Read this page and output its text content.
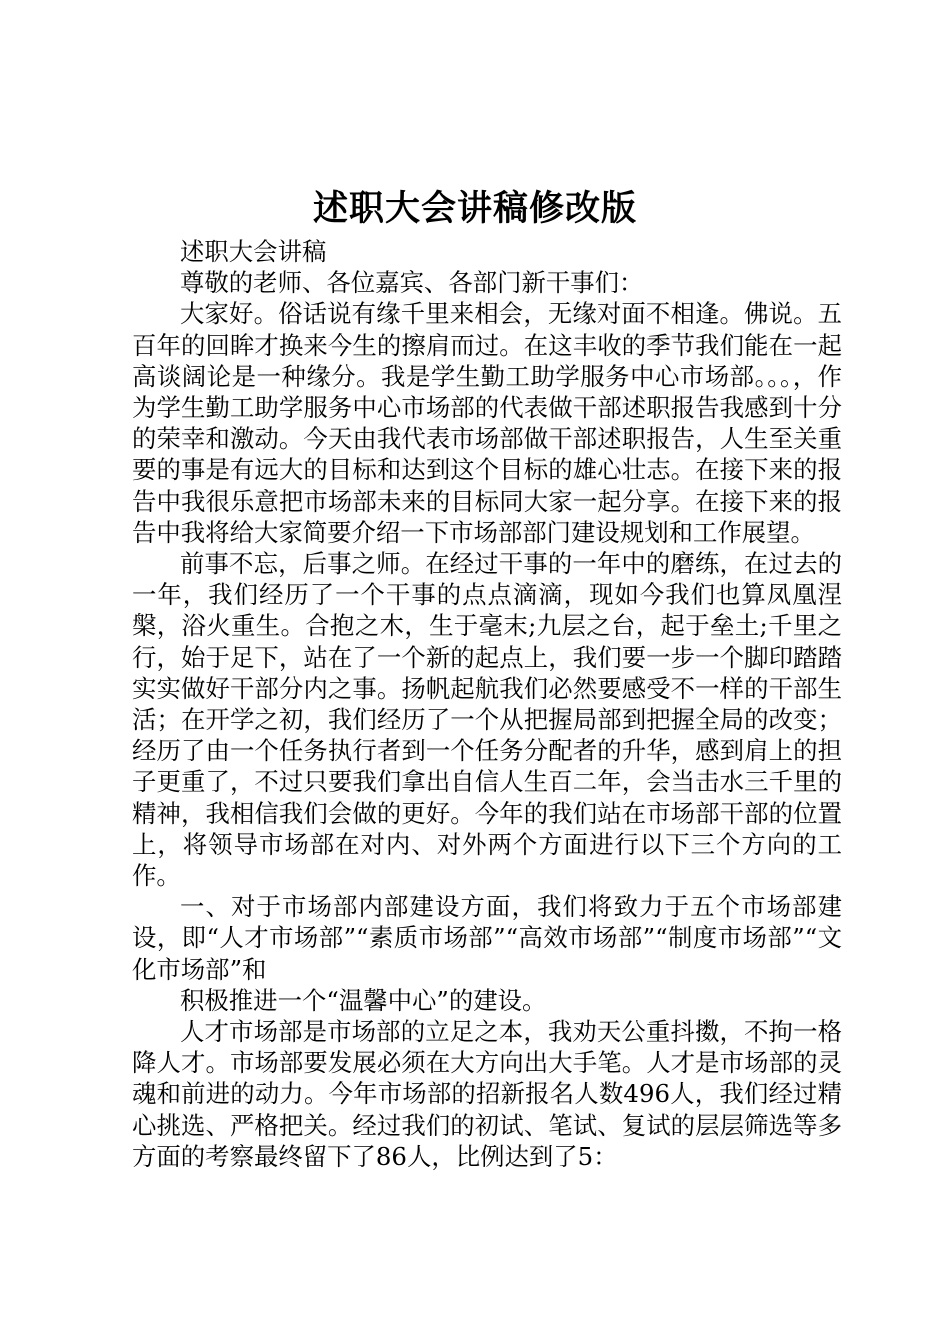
述职大会讲稿修改版

述职大会讲稿

尊敬的老师、各位嘉宾、各部门新干事们：

大家好。俗话说有缘千里来相会，无缘对面不相逢。佛说。五百年的回眸才换来今生的擦肩而过。在这丰收的季节我们能在一起高谈阔论是一种缘分。我是学生勤工助学服务中心市场部。。。，作为学生勤工助学服务中心市场部的代表做干部述职报告我感到十分的荣幸和激动。今天由我代表市场部做干部述职报告，人生至关重要的事是有远大的目标和达到这个目标的雄心壮志。在接下来的报告中我很乐意把市场部未来的目标同大家一起分享。在接下来的报告中我将给大家简要介绍一下市场部部门建设规划和工作展望。

前事不忘，后事之师。在经过干事的一年中的磨练，在过去的一年，我们经历了一个干事的点点滴滴，现如今我们也算凤凰涅槃，浴火重生。合抱之木，生于毫末;九层之台，起于垒土;千里之行，始于足下，站在了一个新的起点上，我们要一步一个脚印踏踏实实做好干部分内之事。扬帆起航我们必然要感受不一样的干部生活；在开学之初，我们经历了一个从把握局部到把握全局的改变；经历了由一个任务执行者到一个任务分配者的升华，感到肩上的担子更重了，不过只要我们拿出自信人生百二年，会当击水三千里的精神，我相信我们会做的更好。今年的我们站在市场部干部的位置上，将领导市场部在对内、对外两个方面进行以下三个方向的工作。

一、对于市场部内部建设方面，我们将致力于五个市场部建设，即“人才市场部”“素质市场部”“高效市场部”“制度市场部”“文化市场部”和

积极推进一个“温馨中心”的建设。

人才市场部是市场部的立足之本，我劝天公重抖擞，不拘一格降人才。市场部要发展必须在大方向出大手笔。人才是市场部的灵魂和前进的动力。今年市场部的招新报名人数496人，我们经过精心挑选、严格把关。经过我们的初试、笔试、复试的层层筛选等多方面的考察最终留下了86人，比例达到了5：
